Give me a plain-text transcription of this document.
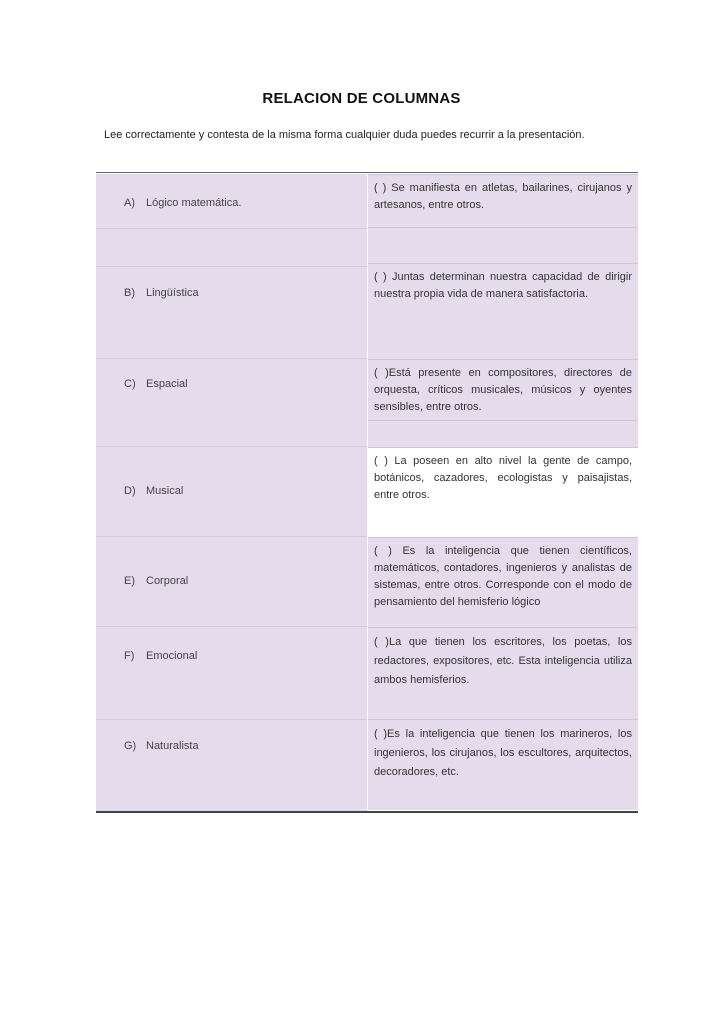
RELACION DE COLUMNAS
Lee correctamente y contesta de la misma forma cualquier duda puedes recurrir a la presentación.
A) Lógico matemática.
B) Lingüística
C) Espacial
D) Musical
E) Corporal
F) Emocional
G) Naturalista

( ) Se manifiesta en atletas, bailarines, cirujanos y artesanos, entre otros.

( ) Juntas determinan nuestra capacidad de dirigir nuestra propia vida de manera satisfactoria.

( )Está presente en compositores, directores de orquesta, críticos musicales, músicos y oyentes sensibles, entre otros.

( ) La poseen en alto nivel la gente de campo, botánicos, cazadores, ecologistas y paisajistas, entre otros.

( ) Es la inteligencia que tienen científicos, matemáticos, contadores, ingenieros y analistas de sistemas, entre otros. Corresponde con el modo de pensamiento del hemisferio lógico

( )La que tienen los escritores, los poetas, los redactores, expositores, etc. Esta inteligencia utiliza ambos hemisferios.

( )Es la inteligencia que tienen los marineros, los ingenieros, los cirujanos, los escultores, arquitectos, decoradores, etc.
